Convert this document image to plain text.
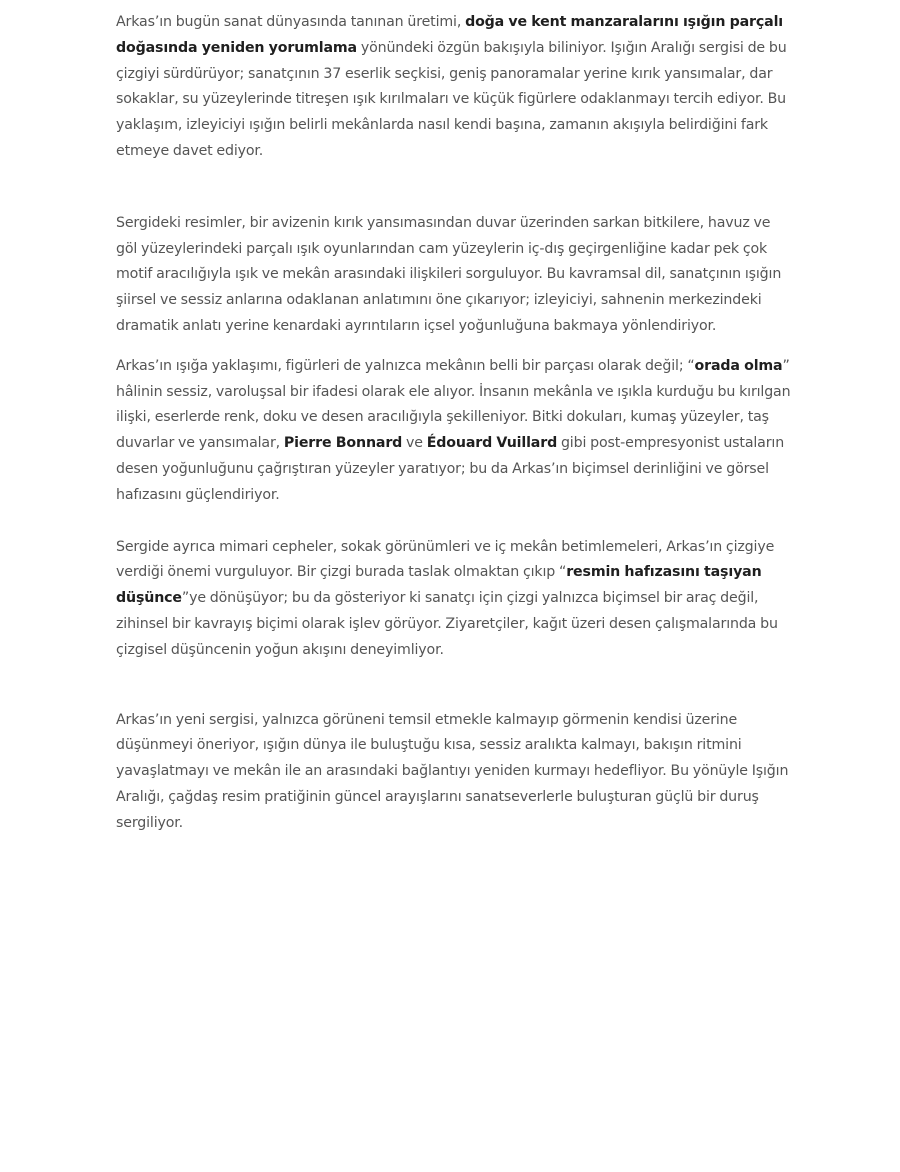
Arkas’ın bugün sanat dünyasında tanınan üretimi, doğa ve kent manzaralarını ışığın parçalı doğasında yeniden yorumlama yönündeki özgün bakışıyla biliniyor. Işığın Aralığı sergisi de bu çizgiyi sürdürüyor; sanatçının 37 eserlik seçkisi, geniş panoramalar yerine kırık yansımalar, dar sokaklar, su yüzeylerinde titreşen ışık kırılmaları ve küçük figürlere odaklanmayı tercih ediyor. Bu yaklaşım, izleyiciyi ışığın belirli mekânlarda nasıl kendi başına, zamanın akışıyla belirdiğini fark etmeye davet ediyor.

Sergideki resimler, bir avizenin kırık yansımasından duvar üzerinden sarkan bitkilere, havuz ve göl yüzeylerindeki parçalı ışık oyunlarından cam yüzeylerin iç-dış geçirgenliğine kadar pek çok motif aracılığıyla ışık ve mekân arasındaki ilişkileri sorguluyor. Bu kavramsal dil, sanatçının ışığın şiirsel ve sessiz anlarına odaklanan anlatımını öne çıkarıyor; izleyiciyi, sahnenin merkezindeki dramatik anlatı yerine kenardaki ayrıntıların içsel yoğunluğuna bakmaya yönlendiriyor.

Arkas’ın ışığa yaklaşımı, figürleri de yalnızca mekânın belli bir parçası olarak değil; “orada olma” hâlinin sessiz, varoluşsal bir ifadesi olarak ele alıyor. İnsanın mekânla ve ışıkla kurduğu bu kırılgan ilişki, eserlerde renk, doku ve desen aracılığıyla şekilleniyor. Bitki dokuları, kumaş yüzeyler, taş duvarlar ve yansımalar, Pierre Bonnard ve Édouard Vuillard gibi post-empresyonist ustaların desen yoğunluğunu çağrıştıran yüzeyler yaratıyor; bu da Arkas’ın biçimsel derinliğini ve görsel hafızasını güçlendiriyor.

Sergide ayrıca mimari cepheler, sokak görünümleri ve iç mekân betimlemeleri, Arkas’ın çizgiye verdiği önemi vurguluyor. Bir çizgi burada taslak olmaktan çıkıp “resmin hafızasını taşıyan düşünce”ye dönüşüyor; bu da gösteriyor ki sanatçı için çizgi yalnızca biçimsel bir araç değil, zihinsel bir kavrayış biçimi olarak işlev görüyor. Ziyaretçiler, kağıt üzeri desen çalışmalarında bu çizgisel düşüncenin yoğun akışını deneyimliyor.

Arkas’ın yeni sergisi, yalnızca görüneni temsil etmekle kalmayıp görmenin kendisi üzerine düşünmeyi öneriyor, ışığın dünya ile buluştuğu kısa, sessiz aralıkta kalmayı, bakışın ritmini yavaşlatmayı ve mekân ile an arasındaki bağlantıyı yeniden kurmayı hedefliyor. Bu yönüyle Işığın Aralığı, çağdaş resim pratiğinin güncel arayışlarını sanatseverlerle buluşturan güçlü bir duruş sergiliyor.
